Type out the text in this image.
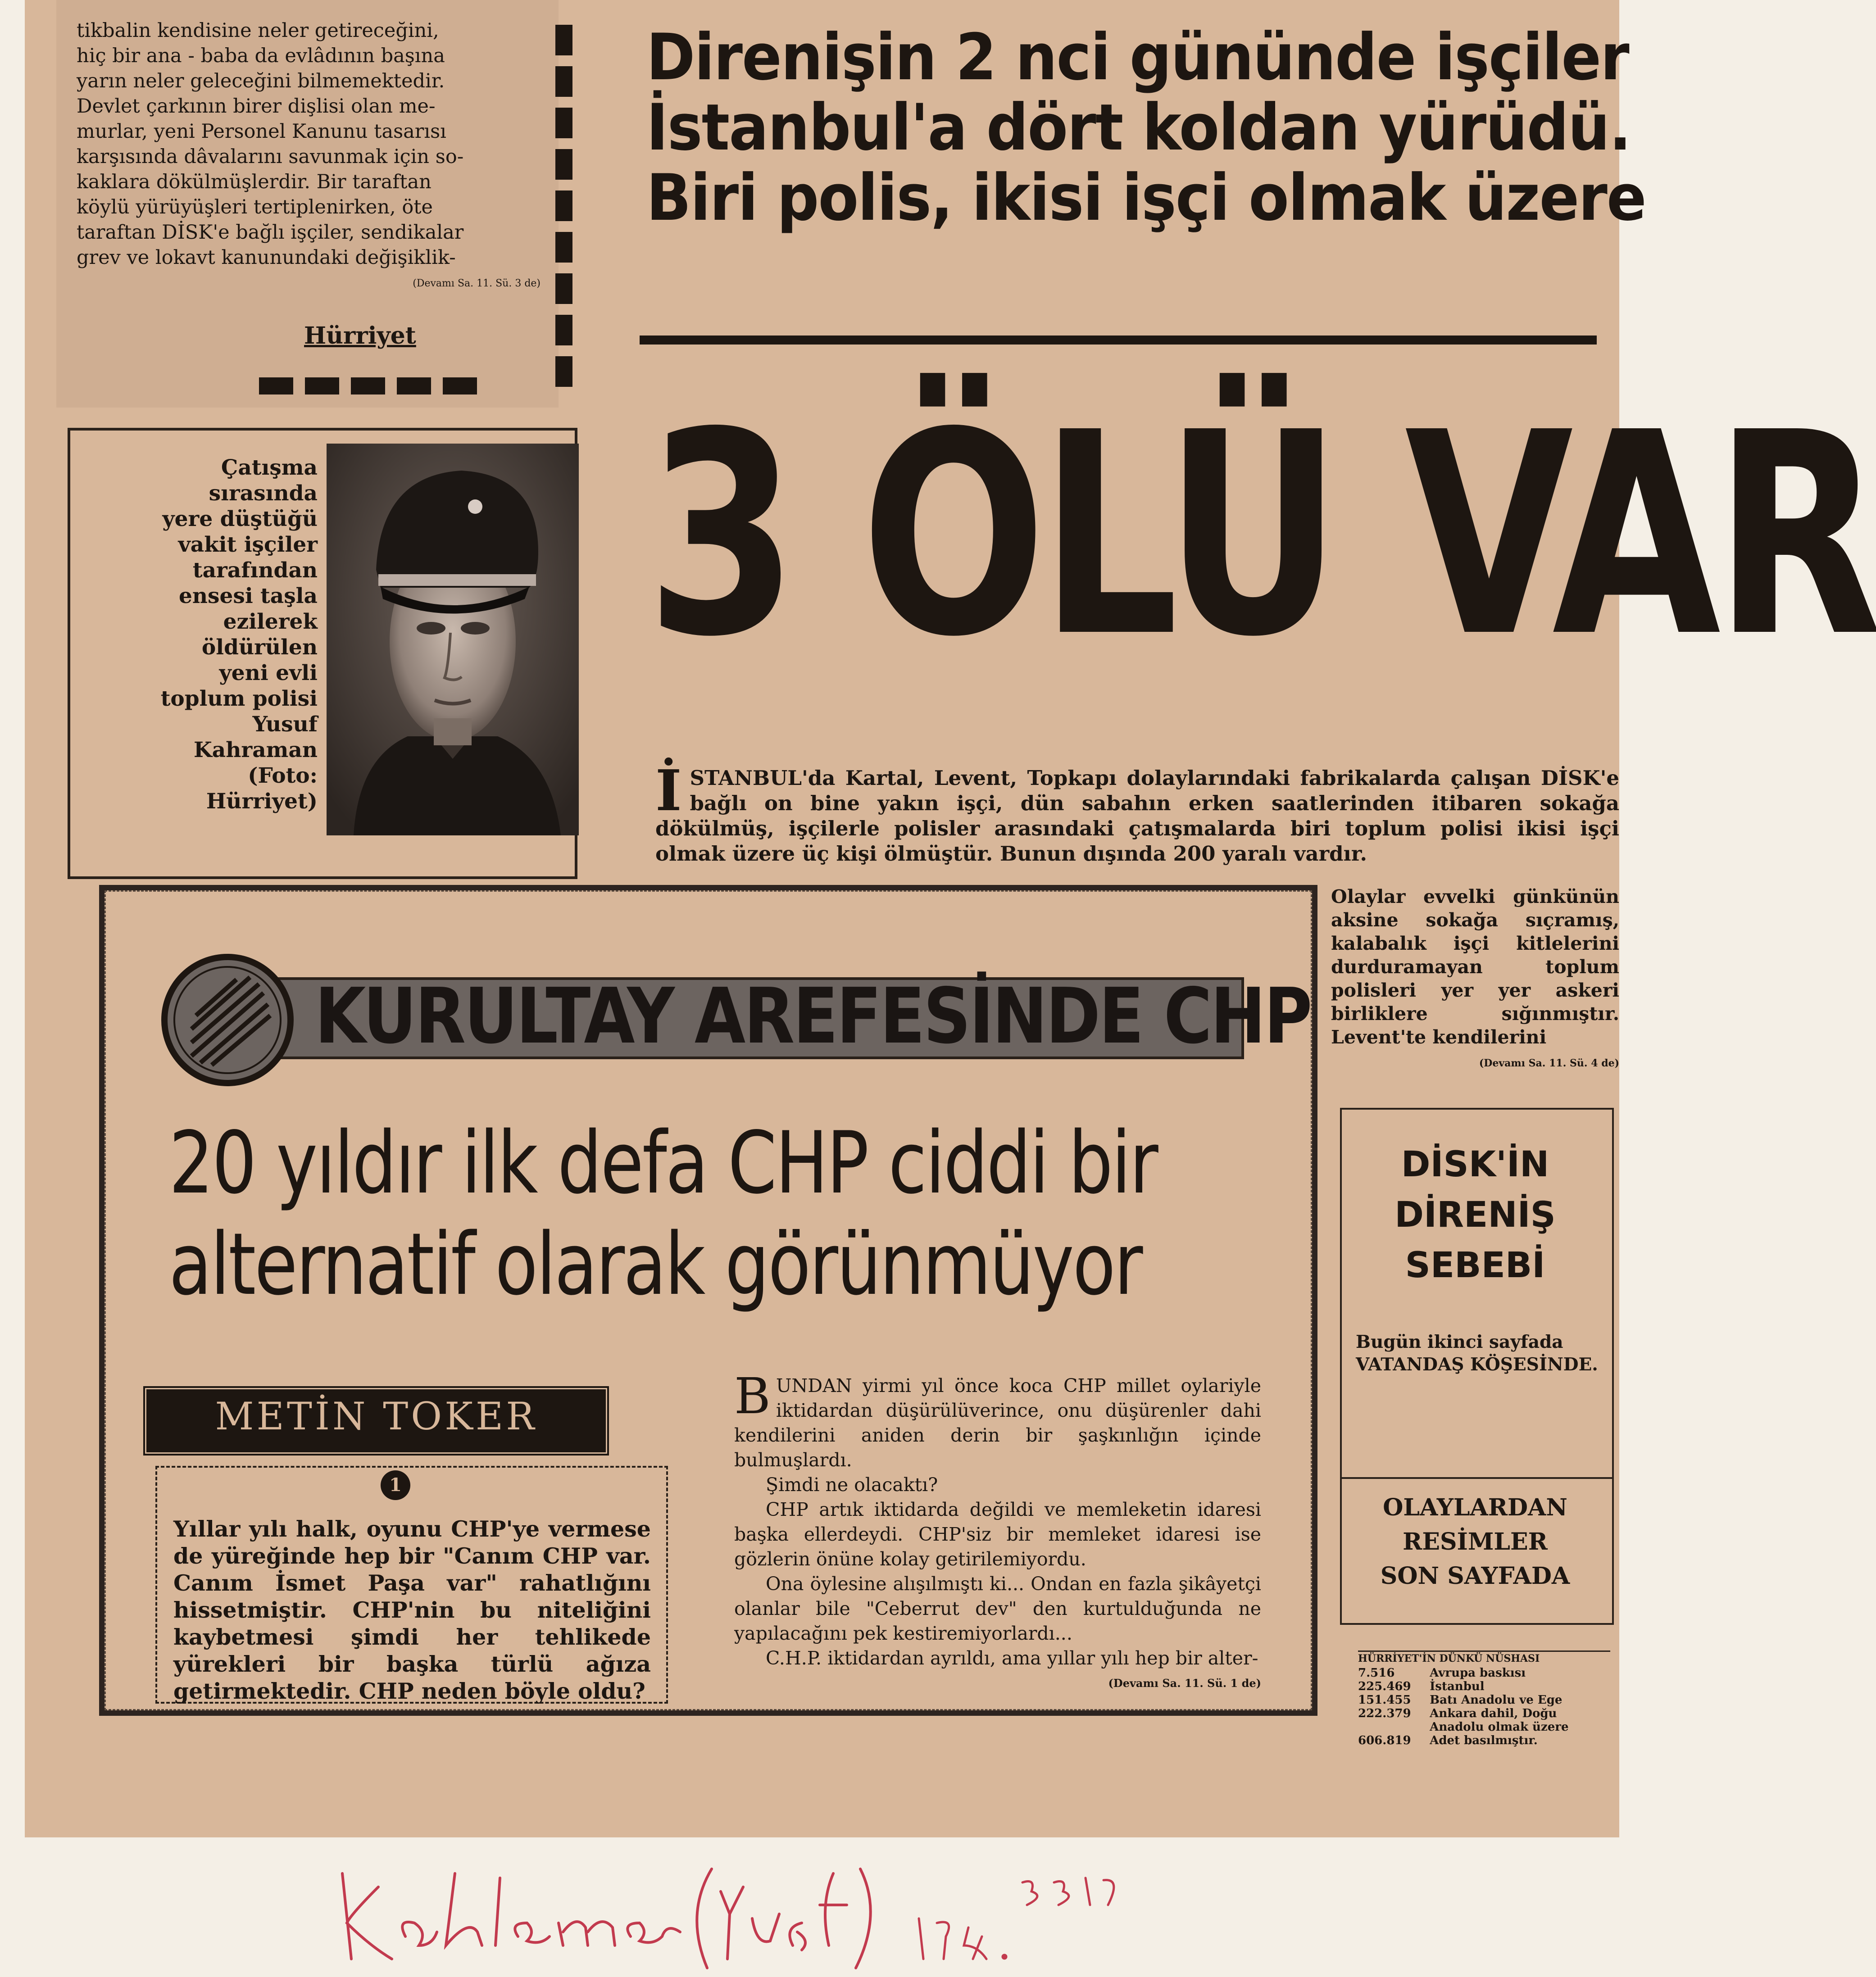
tikbalin kendisine neler getireceğini,

hiç bir ana - baba da evlâdının başına

yarın neler geleceğini bilmemektedir.

Devlet çarkının birer dişlisi olan me-

murlar, yeni Personel Kanunu tasarısı

karşısında dâvalarını savunmak için so-

kaklara dökülmüşlerdir. Bir taraftan

köylü yürüyüşleri tertiplenirken, öte

taraftan DİSK'e bağlı işçiler, sendikalar

grev ve lokavt kanunundaki değişiklik-

(Devamı Sa. 11. Sü. 3 de)
Hürriyet
Direnişin 2 nci gününde işçiler
İstanbul'a dört koldan yürüdü.
Biri polis, ikisi işçi olmak üzere
3 ÖLÜ VAR
Çatışma
sırasında
yere düştüğü
vakit işçiler
tarafından
ensesi taşla
ezilerek
öldürülen
yeni evli
toplum polisi
Yusuf
Kahraman
(Foto:
Hürriyet)	İSTANBUL'da Kartal, Levent, Topkapı dolaylarındaki fabrikalarda çalışan DİSK'e bağlı on bine yakın işçi, dün sabahın erken saatlerinden itibaren sokağa dökülmüş, işçilerle polisler arasındaki çatışmalarda biri toplum polisi ikisi işçi olmak üzere üç kişi ölmüştür. Bunun dışında 200 yaralı vardır.
Olaylar evvelki günkünün aksine sokağa sıçramış, kalabalık işçi kitlelerini durduramayan toplum polisleri yer yer askeri birliklere sığınmıştır. Levent'te kendilerini
(Devamı Sa. 11. Sü. 4 de)
DİSK'İN
DİRENİŞ
SEBEBİ
Bugün ikinci sayfada VATANDAŞ KÖŞESİNDE.
OLAYLARDAN
RESİMLER
SON SAYFADA
HÜRRİYET'İN DÜNKÜ NÜSHASI
7.516	Avrupa baskısı
225.469	İstanbul
151.455	Batı Anadolu ve Ege
222.379	Ankara dahil, Doğu
	Anadolu olmak üzere
606.819	Adet basılmıştır.
KURULTAY AREFESİNDE CHP
20 yıldır ilk defa CHP ciddi bir
alternatif olarak görünmüyor
METİN TOKER
1
Yıllar yılı halk, oyunu CHP'ye vermese de yüreğinde hep bir "Canım CHP var. Canım İsmet Paşa var" rahatlığını hissetmiştir. CHP'nin bu niteliğini kaybetmesi şimdi her tehlikede yürekleri bir başka türlü ağıza getirmektedir. CHP neden böyle oldu?

BUNDAN yirmi yıl önce koca CHP millet oylariyle iktidardan düşürülüverince, onu düşürenler dahi kendilerini aniden derin bir şaşkınlığın içinde bulmuşlardı.

Şimdi ne olacaktı?

CHP artık iktidarda değildi ve memleketin idaresi başka ellerdeydi. CHP'siz bir memleket idaresi ise gözlerin önüne kolay getirilemiyordu.

Ona öylesine alışılmıştı ki... Ondan en fazla şikâyetçi olanlar bile "Ceberrut dev" den kurtulduğunda ne yapılacağını pek kestiremiyorlardı...

C.H.P. iktidardan ayrıldı, ama yıllar yılı hep bir alter-

(Devamı Sa. 11. Sü. 1 de)
